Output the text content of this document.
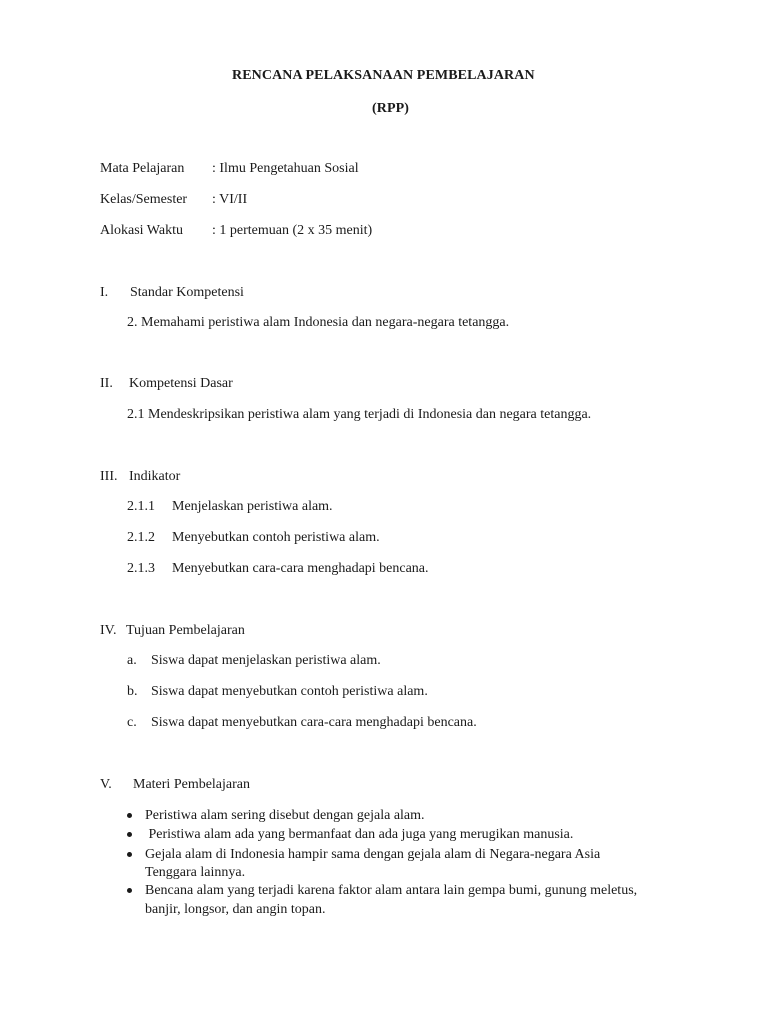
RENCANA PELAKSANAAN PEMBELAJARAN
(RPP)
Mata Pelajaran : Ilmu Pengetahuan Sosial
Kelas/Semester : VI/II
Alokasi Waktu : 1 pertemuan (2 x 35 menit)
I. Standar Kompetensi
2. Memahami peristiwa alam Indonesia dan negara-negara tetangga.
II. Kompetensi Dasar
2.1 Mendeskripsikan peristiwa alam yang terjadi di Indonesia dan negara tetangga.
III. Indikator
2.1.1 Menjelaskan peristiwa alam.
2.1.2 Menyebutkan contoh peristiwa alam.
2.1.3 Menyebutkan cara-cara menghadapi bencana.
IV. Tujuan Pembelajaran
a. Siswa dapat menjelaskan peristiwa alam.
b. Siswa dapat menyebutkan contoh peristiwa alam.
c. Siswa dapat menyebutkan cara-cara menghadapi bencana.
V. Materi Pembelajaran
Peristiwa alam sering disebut dengan gejala alam.
Peristiwa alam ada yang bermanfaat dan ada juga yang merugikan manusia.
Gejala alam di Indonesia hampir sama dengan gejala alam di Negara-negara Asia
Tenggara lainnya.
Bencana alam yang terjadi karena faktor alam antara lain gempa bumi, gunung meletus,
banjir, longsor, dan angin topan.
